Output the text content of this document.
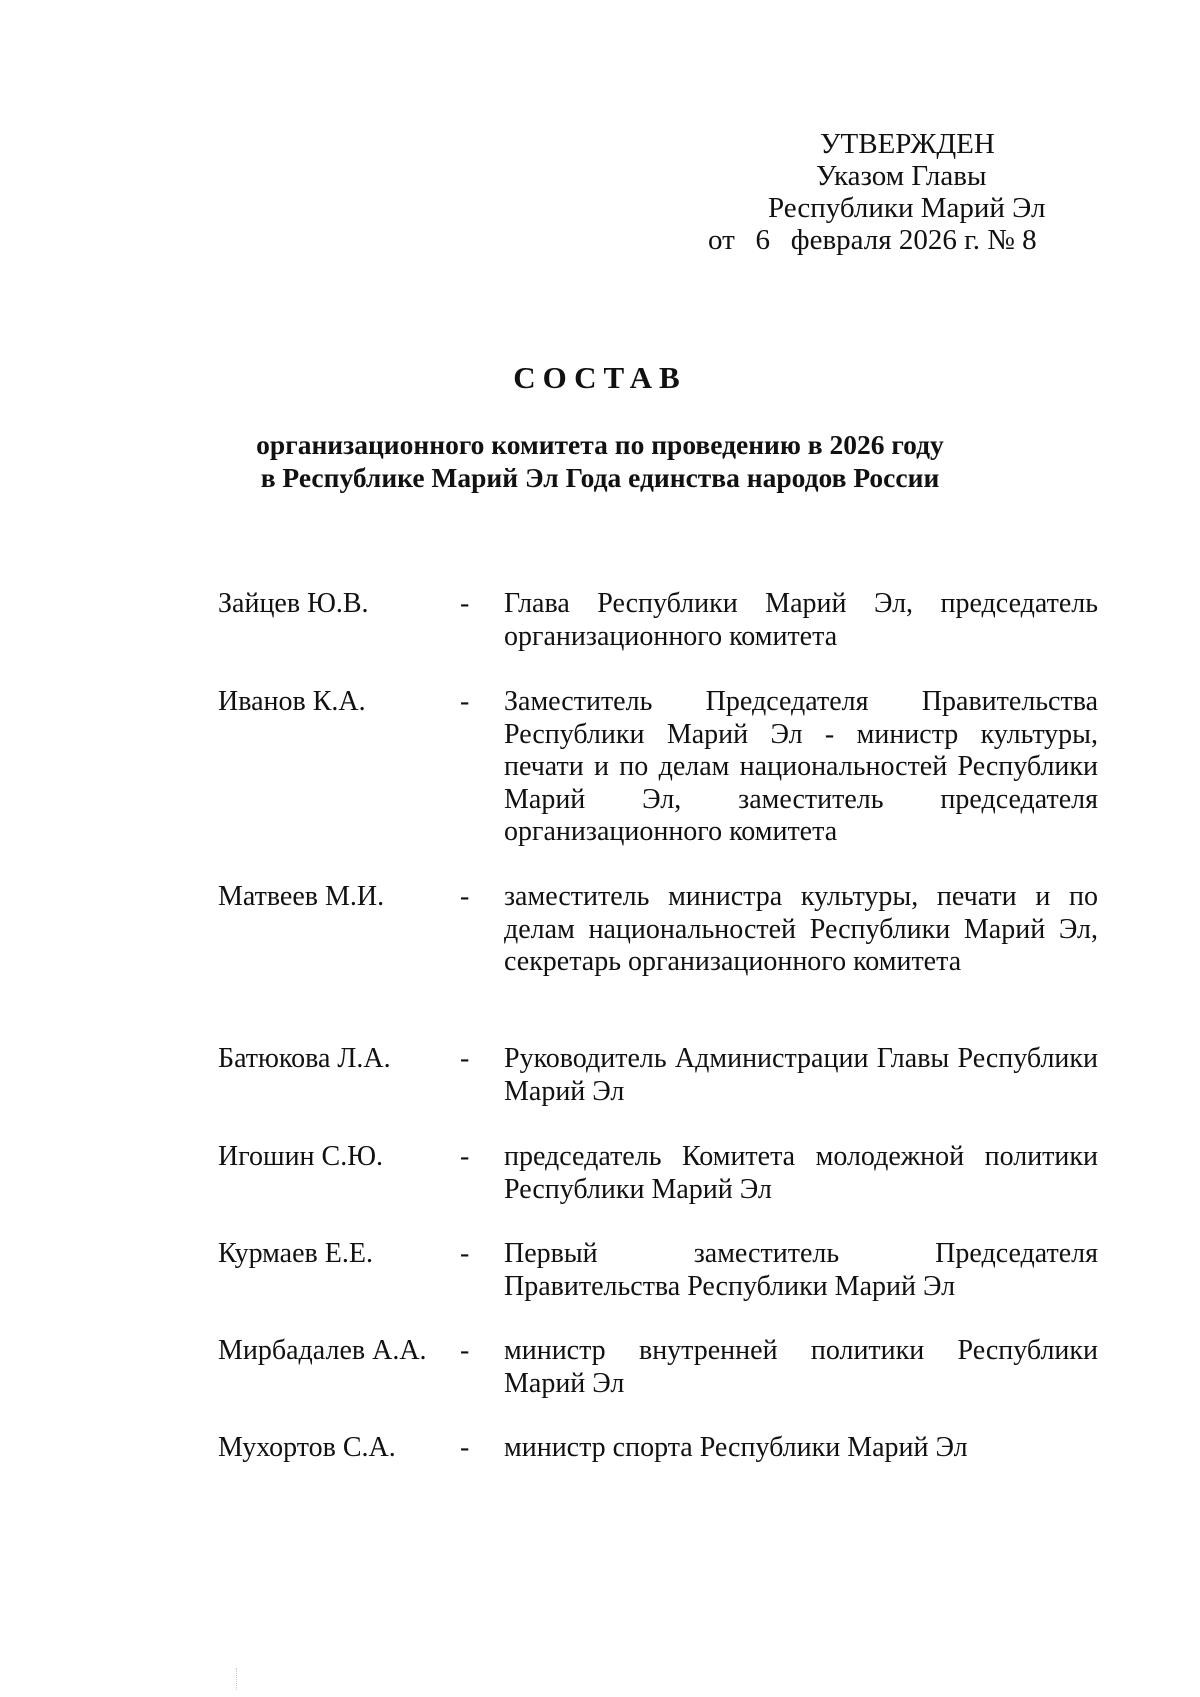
УТВЕРЖДЕН
Указом Главы
Республики Марий Эл
от 6 февраля 2026 г. № 8
СОСТАВ
организационного комитета по проведению в 2026 году
в Республике Марий Эл Года единства народов России
Зайцев Ю.В.	-	Глава Республики Марий Эл, председатель организационного комитета
Иванов К.А.	-	Заместитель Председателя Правительства Республики Марий Эл - министр культуры, печати и по делам национальностей Республики Марий Эл, заместитель председателя организационного комитета
Матвеев М.И.	-	заместитель министра культуры, печати и по делам национальностей Республики Марий Эл, секретарь организационного комитета
Батюкова Л.А.	-	Руководитель Администрации Главы Республики Марий Эл
Игошин С.Ю.	-	председатель Комитета молодежной политики Республики Марий Эл
Курмаев Е.Е.	-	Первый заместитель Председателя Правительства Республики Марий Эл
Мирбадалев А.А.	-	министр внутренней политики Республики Марий Эл
Мухортов С.А.	-	министр спорта Республики Марий Эл
